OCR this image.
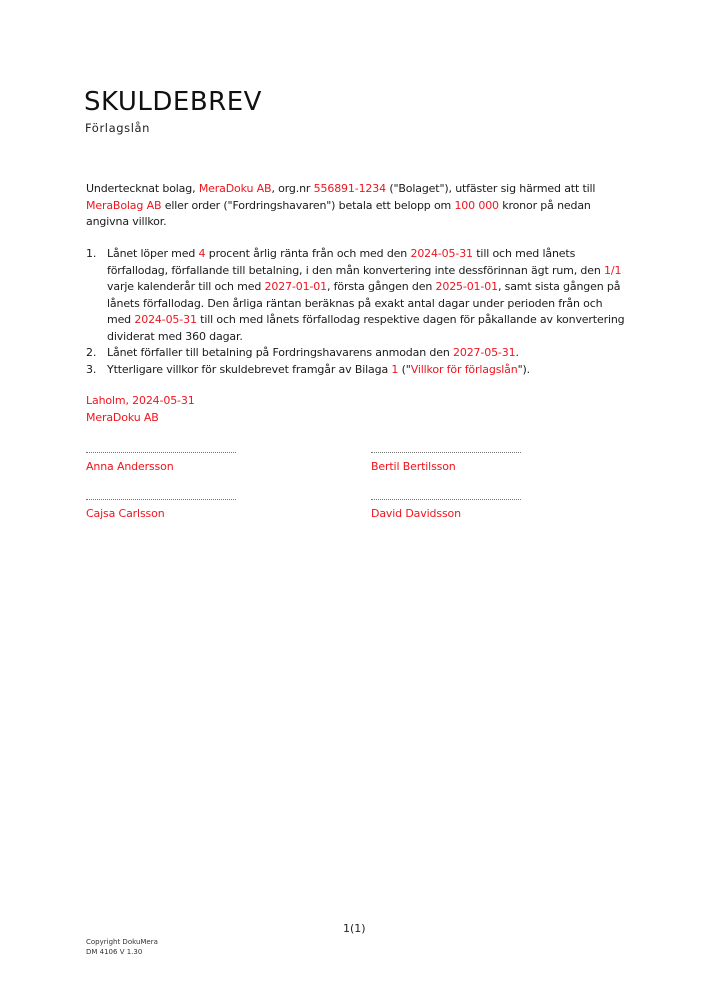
SKULDEBREV
Förlagslån

Undertecknat bolag, MeraDoku AB, org.nr 556891-1234 ("Bolaget"), utfäster sig härmed att till MeraBolag AB eller order ("Fordringshavaren") betala ett belopp om 100 000 kronor på nedan angivna villkor.

1. Lånet löper med 4 procent årlig ränta från och med den 2024-05-31 till och med lånets förfallodag, förfallande till betalning, i den mån konvertering inte dessförinnan ägt rum, den 1/1 varje kalenderår till och med 2027-01-01, första gången den 2025-01-01, samt sista gången på lånets förfallodag. Den årliga räntan beräknas på exakt antal dagar under perioden från och med 2024-05-31 till och med lånets förfallodag respektive dagen för påkallande av konvertering dividerat med 360 dagar.
2. Lånet förfaller till betalning på Fordringshavarens anmodan den 2027-05-31.
3. Ytterligare villkor för skuldebrevet framgår av Bilaga 1 ("Villkor för förlagslån").
Laholm, 2024-05-31
MeraDoku AB
Anna Andersson	Bertil Bertilsson
Cajsa Carlsson	David Davidsson
1(1)
Copyright DokuMera
DM 4106 V 1.30
